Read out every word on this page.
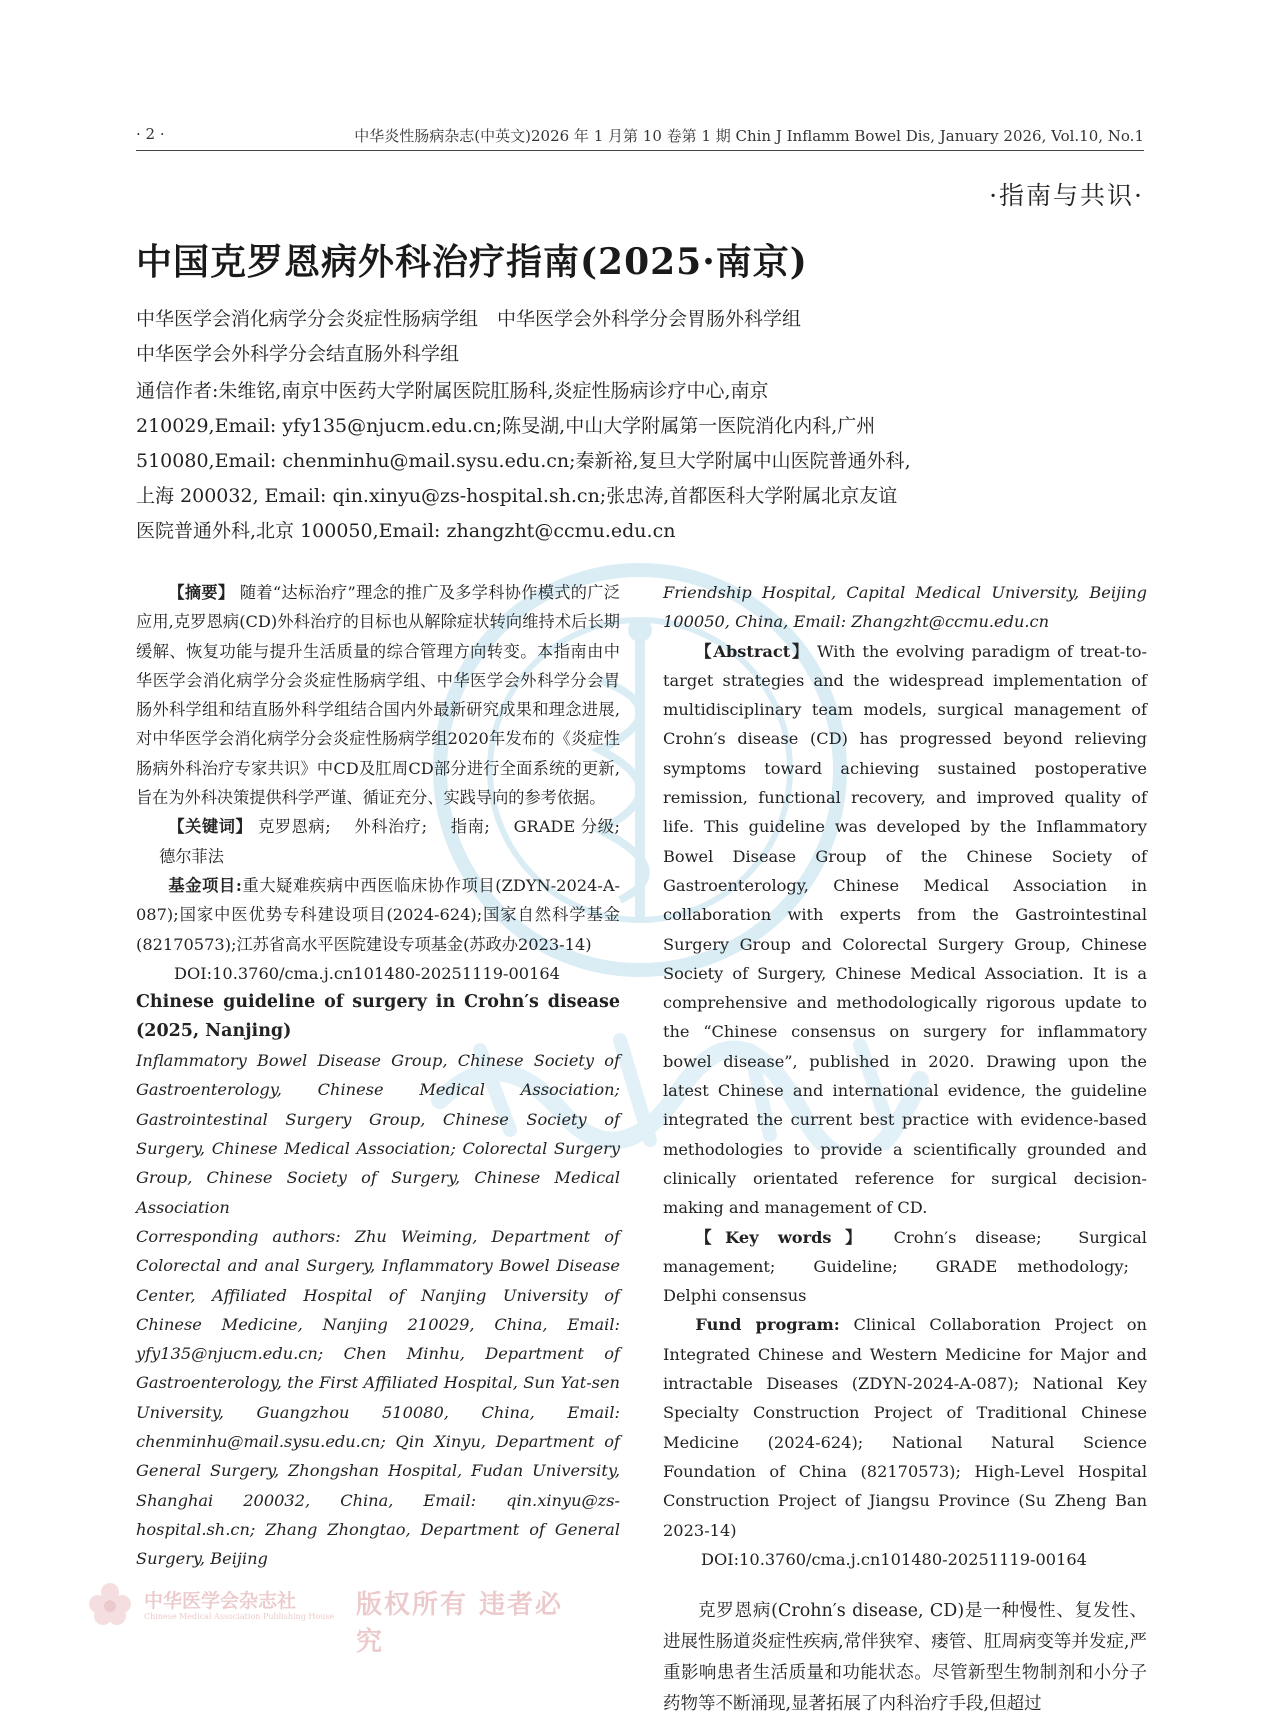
· 2 ·	中华炎性肠病杂志(中英文)2026 年 1 月第 10 卷第 1 期 Chin J Inflamm Bowel Dis, January 2026, Vol.10, No.1
·指南与共识·
中国克罗恩病外科治疗指南(2025·南京)
中华医学会消化病学分会炎症性肠病学组　中华医学会外科学分会胃肠外科学组
中华医学会外科学分会结直肠外科学组
通信作者:朱维铭,南京中医药大学附属医院肛肠科,炎症性肠病诊疗中心,南京
210029,Email: yfy135@njucm.edu.cn;陈旻湖,中山大学附属第一医院消化内科,广州
510080,Email: chenminhu@mail.sysu.edu.cn;秦新裕,复旦大学附属中山医院普通外科,
上海 200032, Email: qin.xinyu@zs-hospital.sh.cn;张忠涛,首都医科大学附属北京友谊
医院普通外科,北京 100050,Email: zhangzht@ccmu.edu.cn

【摘要】 随着“达标治疗”理念的推广及多学科协作模式的广泛应用,克罗恩病(CD)外科治疗的目标也从解除症状转向维持术后长期缓解、恢复功能与提升生活质量的综合管理方向转变。本指南由中华医学会消化病学分会炎症性肠病学组、中华医学会外科学分会胃肠外科学组和结直肠外科学组结合国内外最新研究成果和理念进展,对中华医学会消化病学分会炎症性肠病学组2020年发布的《炎症性肠病外科治疗专家共识》中CD及肛周CD部分进行全面系统的更新,旨在为外科决策提供科学严谨、循证充分、实践导向的参考依据。

【关键词】 克罗恩病; 外科治疗; 指南; GRADE 分级; 德尔菲法

基金项目:重大疑难疾病中西医临床协作项目(ZDYN-2024-A-087);国家中医优势专科建设项目(2024-624);国家自然科学基金(82170573);江苏省高水平医院建设专项基金(苏政办2023-14)

DOI:10.3760/cma.j.cn101480-20251119-00164

Chinese guideline of surgery in Crohn′s disease (2025, Nanjing)

Inflammatory Bowel Disease Group, Chinese Society of Gastroenterology, Chinese Medical Association; Gastrointestinal Surgery Group, Chinese Society of Surgery, Chinese Medical Association; Colorectal Surgery Group, Chinese Society of Surgery, Chinese Medical Association

Corresponding authors: Zhu Weiming, Department of Colorectal and anal Surgery, Inflammatory Bowel Disease Center, Affiliated Hospital of Nanjing University of Chinese Medicine, Nanjing 210029, China, Email: yfy135@njucm.edu.cn; Chen Minhu, Department of Gastroenterology, the First Affiliated Hospital, Sun Yat-sen University, Guangzhou 510080, China, Email: chenminhu@mail.sysu.edu.cn; Qin Xinyu, Department of General Surgery, Zhongshan Hospital, Fudan University, Shanghai 200032, China, Email: qin.xinyu@zs-hospital.sh.cn; Zhang Zhongtao, Department of General Surgery, Beijing

Friendship Hospital, Capital Medical University, Beijing 100050, China, Email: Zhangzht@ccmu.edu.cn

【Abstract】 With the evolving paradigm of treat-to-target strategies and the widespread implementation of multidisciplinary team models, surgical management of Crohn′s disease (CD) has progressed beyond relieving symptoms toward achieving sustained postoperative remission, functional recovery, and improved quality of life. This guideline was developed by the Inflammatory Bowel Disease Group of the Chinese Society of Gastroenterology, Chinese Medical Association in collaboration with experts from the Gastrointestinal Surgery Group and Colorectal Surgery Group, Chinese Society of Surgery, Chinese Medical Association. It is a comprehensive and methodologically rigorous update to the “Chinese consensus on surgery for inflammatory bowel disease”, published in 2020. Drawing upon the latest Chinese and international evidence, the guideline integrated the current best practice with evidence-based methodologies to provide a scientifically grounded and clinically orientated reference for surgical decision-making and management of CD.

【Key words】 Crohn′s disease; Surgical management; Guideline; GRADE methodology; Delphi consensus

Fund program: Clinical Collaboration Project on Integrated Chinese and Western Medicine for Major and intractable Diseases (ZDYN-2024-A-087); National Key Specialty Construction Project of Traditional Chinese Medicine (2024-624); National Natural Science Foundation of China (82170573); High-Level Hospital Construction Project of Jiangsu Province (Su Zheng Ban 2023-14)

DOI:10.3760/cma.j.cn101480-20251119-00164

克罗恩病(Crohn′s disease, CD)是一种慢性、复发性、进展性肠道炎症性疾病,常伴狭窄、瘘管、肛周病变等并发症,严重影响患者生活质量和功能状态。尽管新型生物制剂和小分子药物等不断涌现,显著拓展了内科治疗手段,但超过

中华医学会杂志社
Chinese Medical Association Publishing House 版权所有 违者必究
